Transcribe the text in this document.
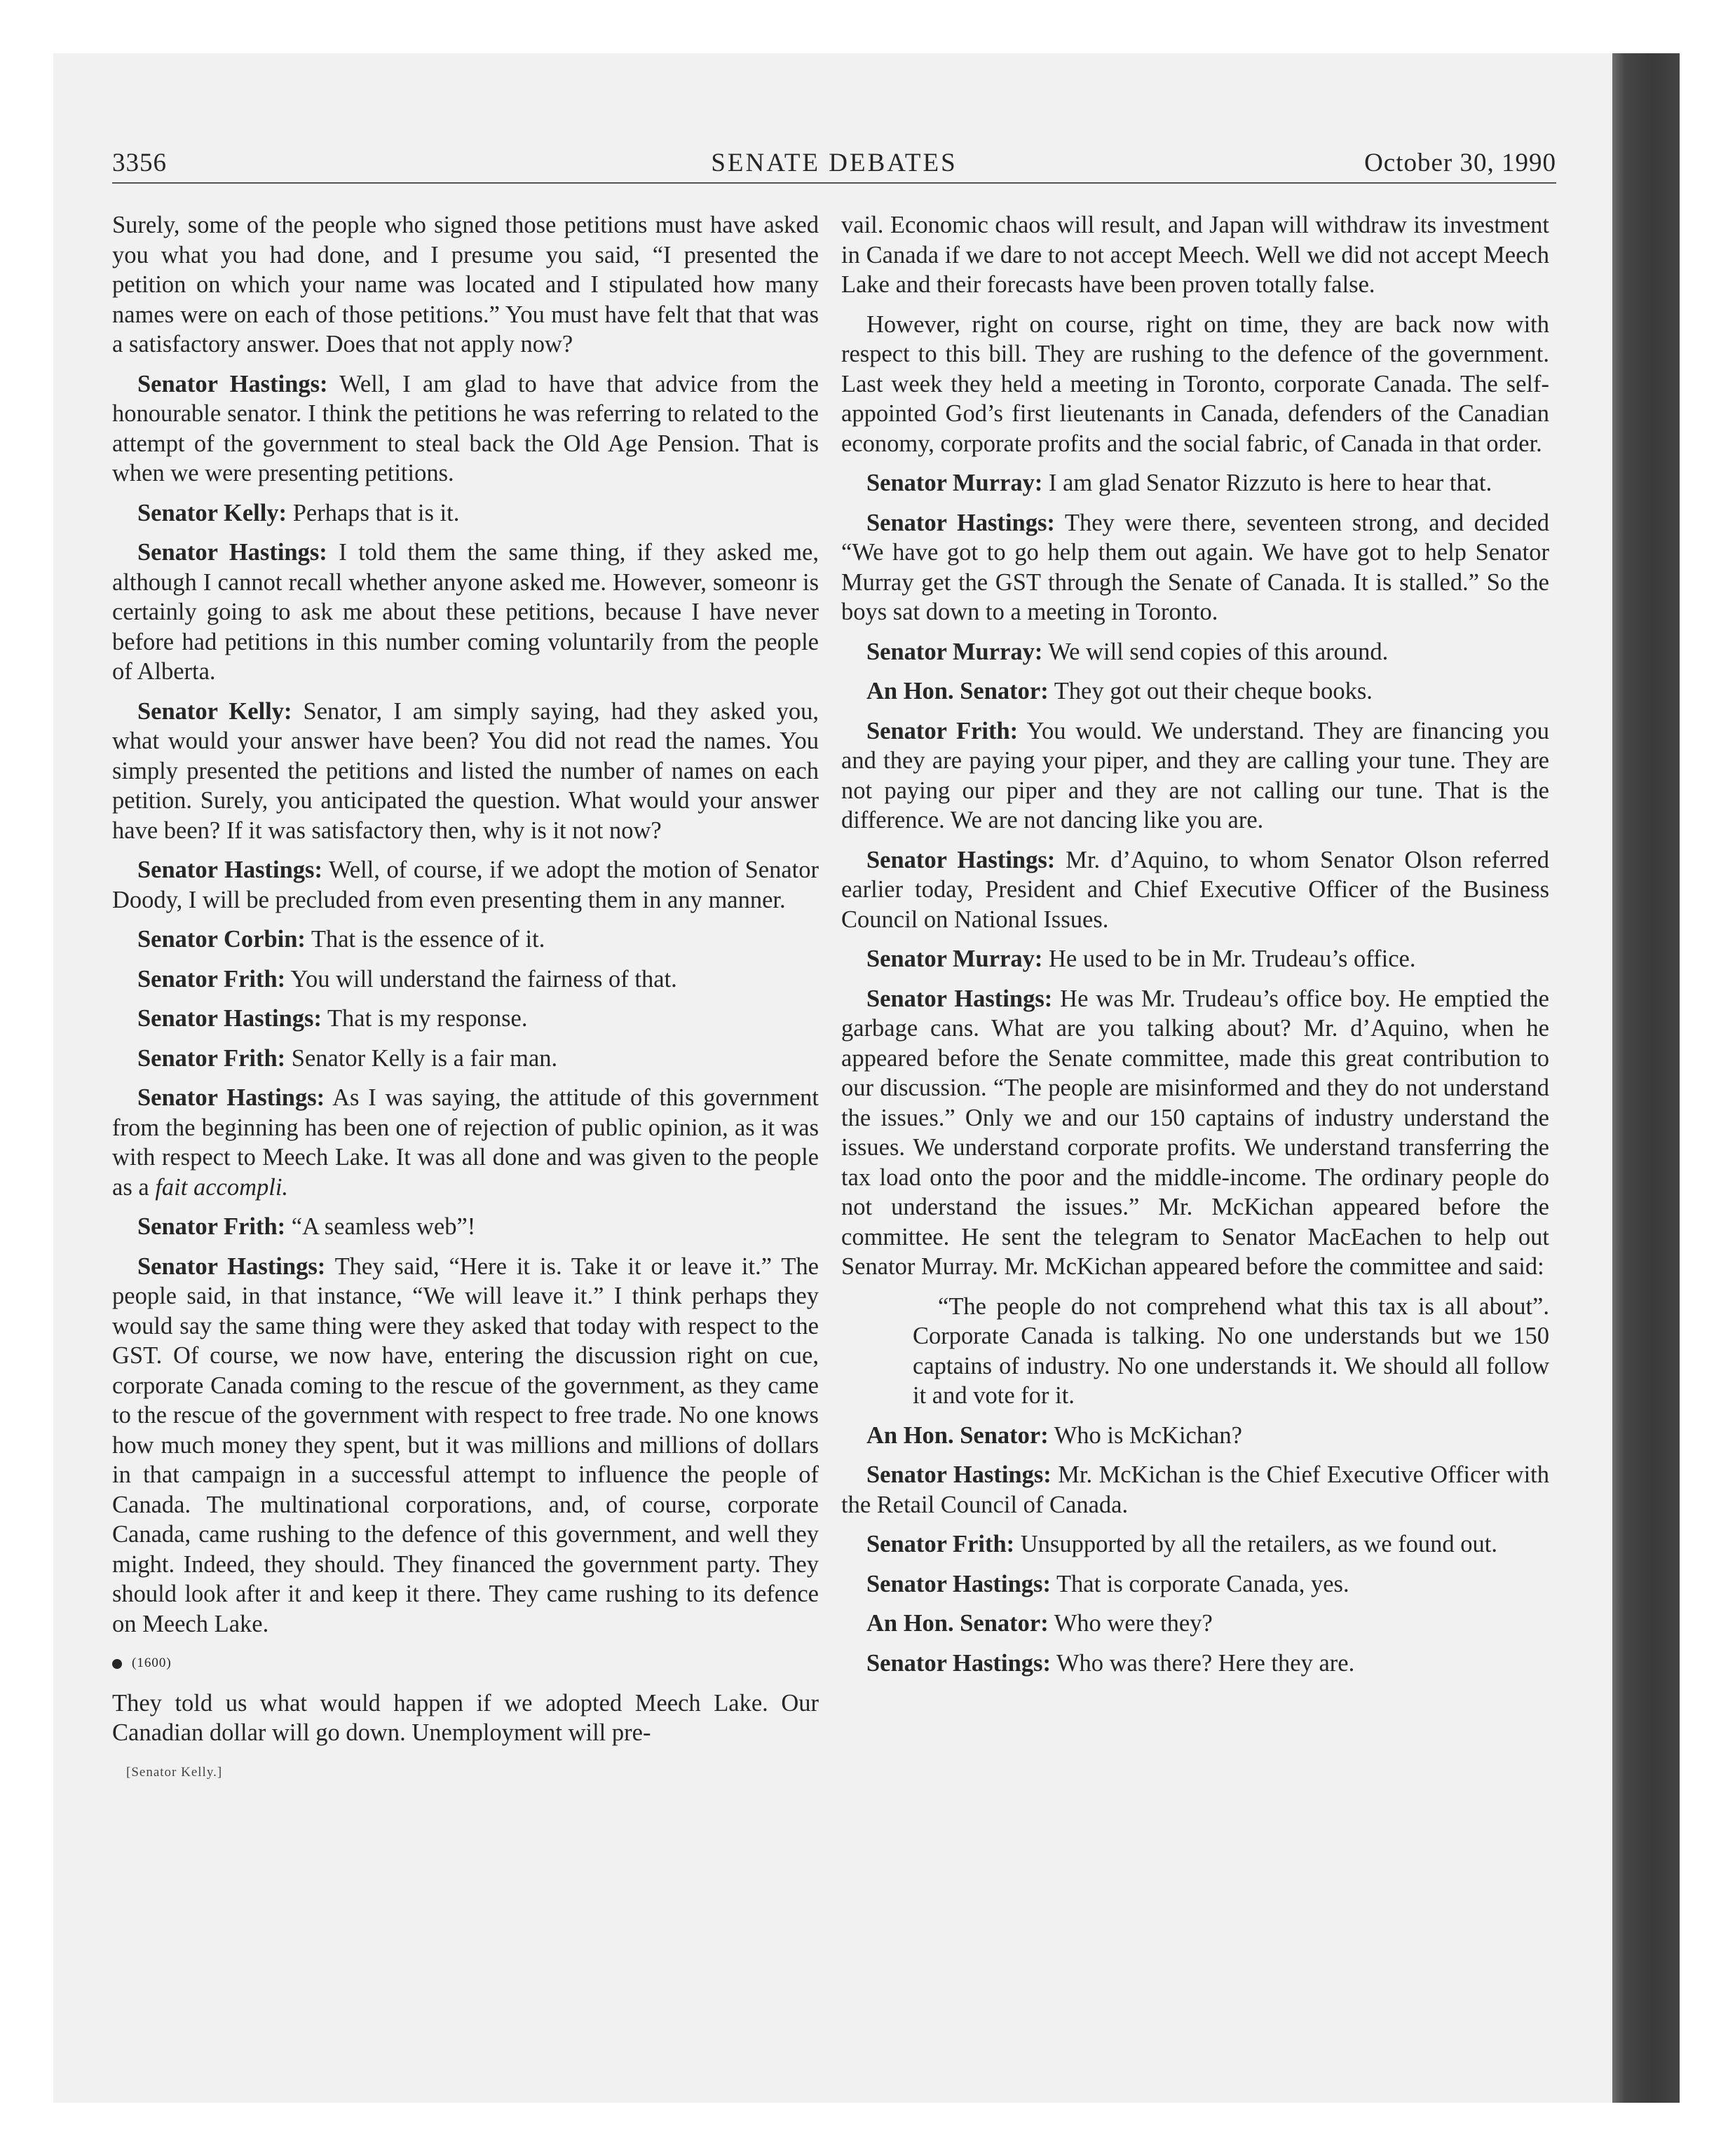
3356	SENATE DEBATES	October 30, 1990

Surely, some of the people who signed those petitions must have asked you what you had done, and I presume you said, “I presented the petition on which your name was located and I stipulated how many names were on each of those petitions.” You must have felt that that was a satisfactory answer. Does that not apply now?

Senator Hastings: Well, I am glad to have that advice from the honourable senator. I think the petitions he was referring to related to the attempt of the government to steal back the Old Age Pension. That is when we were presenting petitions.

Senator Kelly: Perhaps that is it.

Senator Hastings: I told them the same thing, if they asked me, although I cannot recall whether anyone asked me. However, someonr is certainly going to ask me about these petitions, because I have never before had petitions in this number coming voluntarily from the people of Alberta.

Senator Kelly: Senator, I am simply saying, had they asked you, what would your answer have been? You did not read the names. You simply presented the petitions and listed the number of names on each petition. Surely, you anticipated the question. What would your answer have been? If it was satisfactory then, why is it not now?

Senator Hastings: Well, of course, if we adopt the motion of Senator Doody, I will be precluded from even presenting them in any manner.

Senator Corbin: That is the essence of it.

Senator Frith: You will understand the fairness of that.

Senator Hastings: That is my response.

Senator Frith: Senator Kelly is a fair man.

Senator Hastings: As I was saying, the attitude of this government from the beginning has been one of rejection of public opinion, as it was with respect to Meech Lake. It was all done and was given to the people as a fait accompli.

Senator Frith: “A seamless web”!

Senator Hastings: They said, “Here it is. Take it or leave it.” The people said, in that instance, “We will leave it.” I think perhaps they would say the same thing were they asked that today with respect to the GST. Of course, we now have, entering the discussion right on cue, corporate Canada coming to the rescue of the government, as they came to the rescue of the government with respect to free trade. No one knows how much money they spent, but it was millions and millions of dollars in that campaign in a successful attempt to influence the people of Canada. The multinational corporations, and, of course, corporate Canada, came rushing to the defence of this government, and well they might. Indeed, they should. They financed the government party. They should look after it and keep it there. They came rushing to its defence on Meech Lake.

(1600)

They told us what would happen if we adopted Meech Lake. Our Canadian dollar will go down. Unemployment will pre-

[Senator Kelly.]

vail. Economic chaos will result, and Japan will withdraw its investment in Canada if we dare to not accept Meech. Well we did not accept Meech Lake and their forecasts have been proven totally false.

However, right on course, right on time, they are back now with respect to this bill. They are rushing to the defence of the government. Last week they held a meeting in Toronto, corporate Canada. The self-appointed God’s first lieutenants in Canada, defenders of the Canadian economy, corporate profits and the social fabric, of Canada in that order.

Senator Murray: I am glad Senator Rizzuto is here to hear that.

Senator Hastings: They were there, seventeen strong, and decided “We have got to go help them out again. We have got to help Senator Murray get the GST through the Senate of Canada. It is stalled.” So the boys sat down to a meeting in Toronto.

Senator Murray: We will send copies of this around.

An Hon. Senator: They got out their cheque books.

Senator Frith: You would. We understand. They are financing you and they are paying your piper, and they are calling your tune. They are not paying our piper and they are not calling our tune. That is the difference. We are not dancing like you are.

Senator Hastings: Mr. d’Aquino, to whom Senator Olson referred earlier today, President and Chief Executive Officer of the Business Council on National Issues.

Senator Murray: He used to be in Mr. Trudeau’s office.

Senator Hastings: He was Mr. Trudeau’s office boy. He emptied the garbage cans. What are you talking about? Mr. d’Aquino, when he appeared before the Senate committee, made this great contribution to our discussion. “The people are misinformed and they do not understand the issues.” Only we and our 150 captains of industry understand the issues. We understand corporate profits. We understand transferring the tax load onto the poor and the middle-income. The ordinary people do not understand the issues.” Mr. McKichan appeared before the committee. He sent the telegram to Senator MacEachen to help out Senator Murray. Mr. McKichan appeared before the committee and said:

“The people do not comprehend what this tax is all about”. Corporate Canada is talking. No one understands but we 150 captains of industry. No one understands it. We should all follow it and vote for it.

An Hon. Senator: Who is McKichan?

Senator Hastings: Mr. McKichan is the Chief Executive Officer with the Retail Council of Canada.

Senator Frith: Unsupported by all the retailers, as we found out.

Senator Hastings: That is corporate Canada, yes.

An Hon. Senator: Who were they?

Senator Hastings: Who was there? Here they are.
